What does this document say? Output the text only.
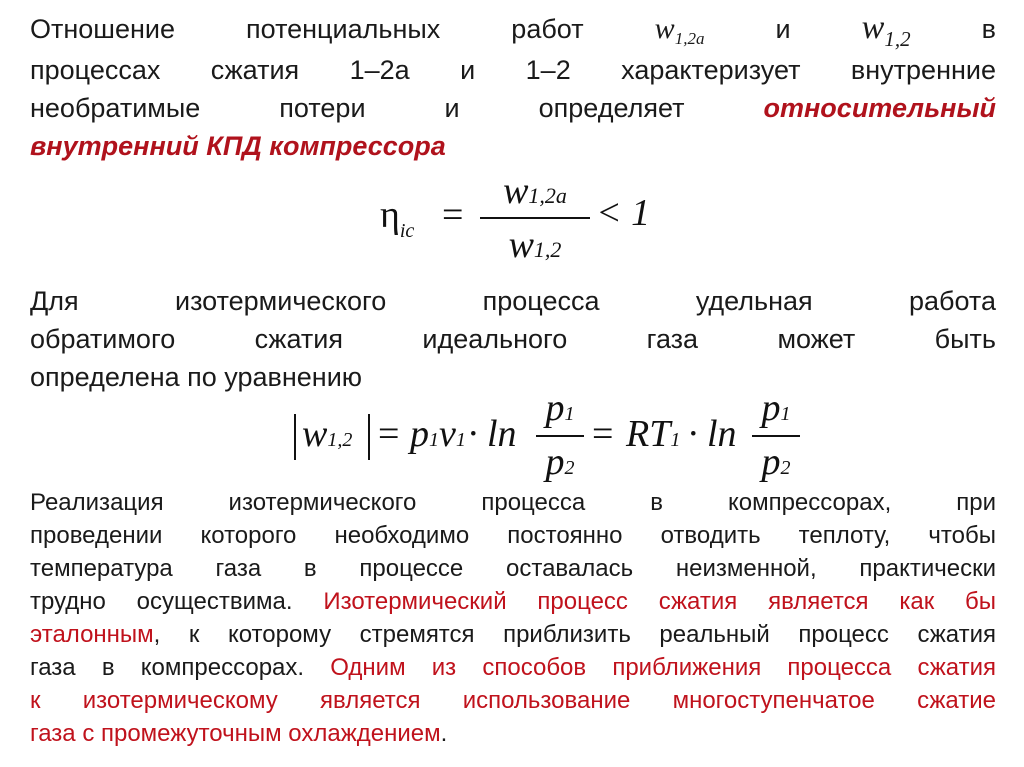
Отношение потенциальных работ $w_{1,2a}$	и $w_{1,2}$	в
процессах сжатия 1–2а и 1–2 характеризует внутренние
необратимые потери и определяет	относительный
внутренний КПД компрессора
$\eta_{ic}$ =
w1,2a
w1,2
< 1
Для изотермического процесса удельная работа
обратимого сжатия идеального газа может быть
определена по уравнению
w1,2 = p1v1 · ln
p1
p2
= RT1 · ln
p1
p2
Реализация изотермического процесса в компрессорах, при
проведении которого необходимо постоянно отводить теплоту, чтобы
температура газа в процессе оставалась неизменной, практически
трудно осуществима. Изотермический процесс сжатия является как бы
эталонным, к которому стремятся приблизить реальный процесс сжатия
газа в компрессорах. Одним из способов приближения процесса сжатия
к изотермическому является использование многоступенчатое сжатие
газа с промежуточным охлаждением.
